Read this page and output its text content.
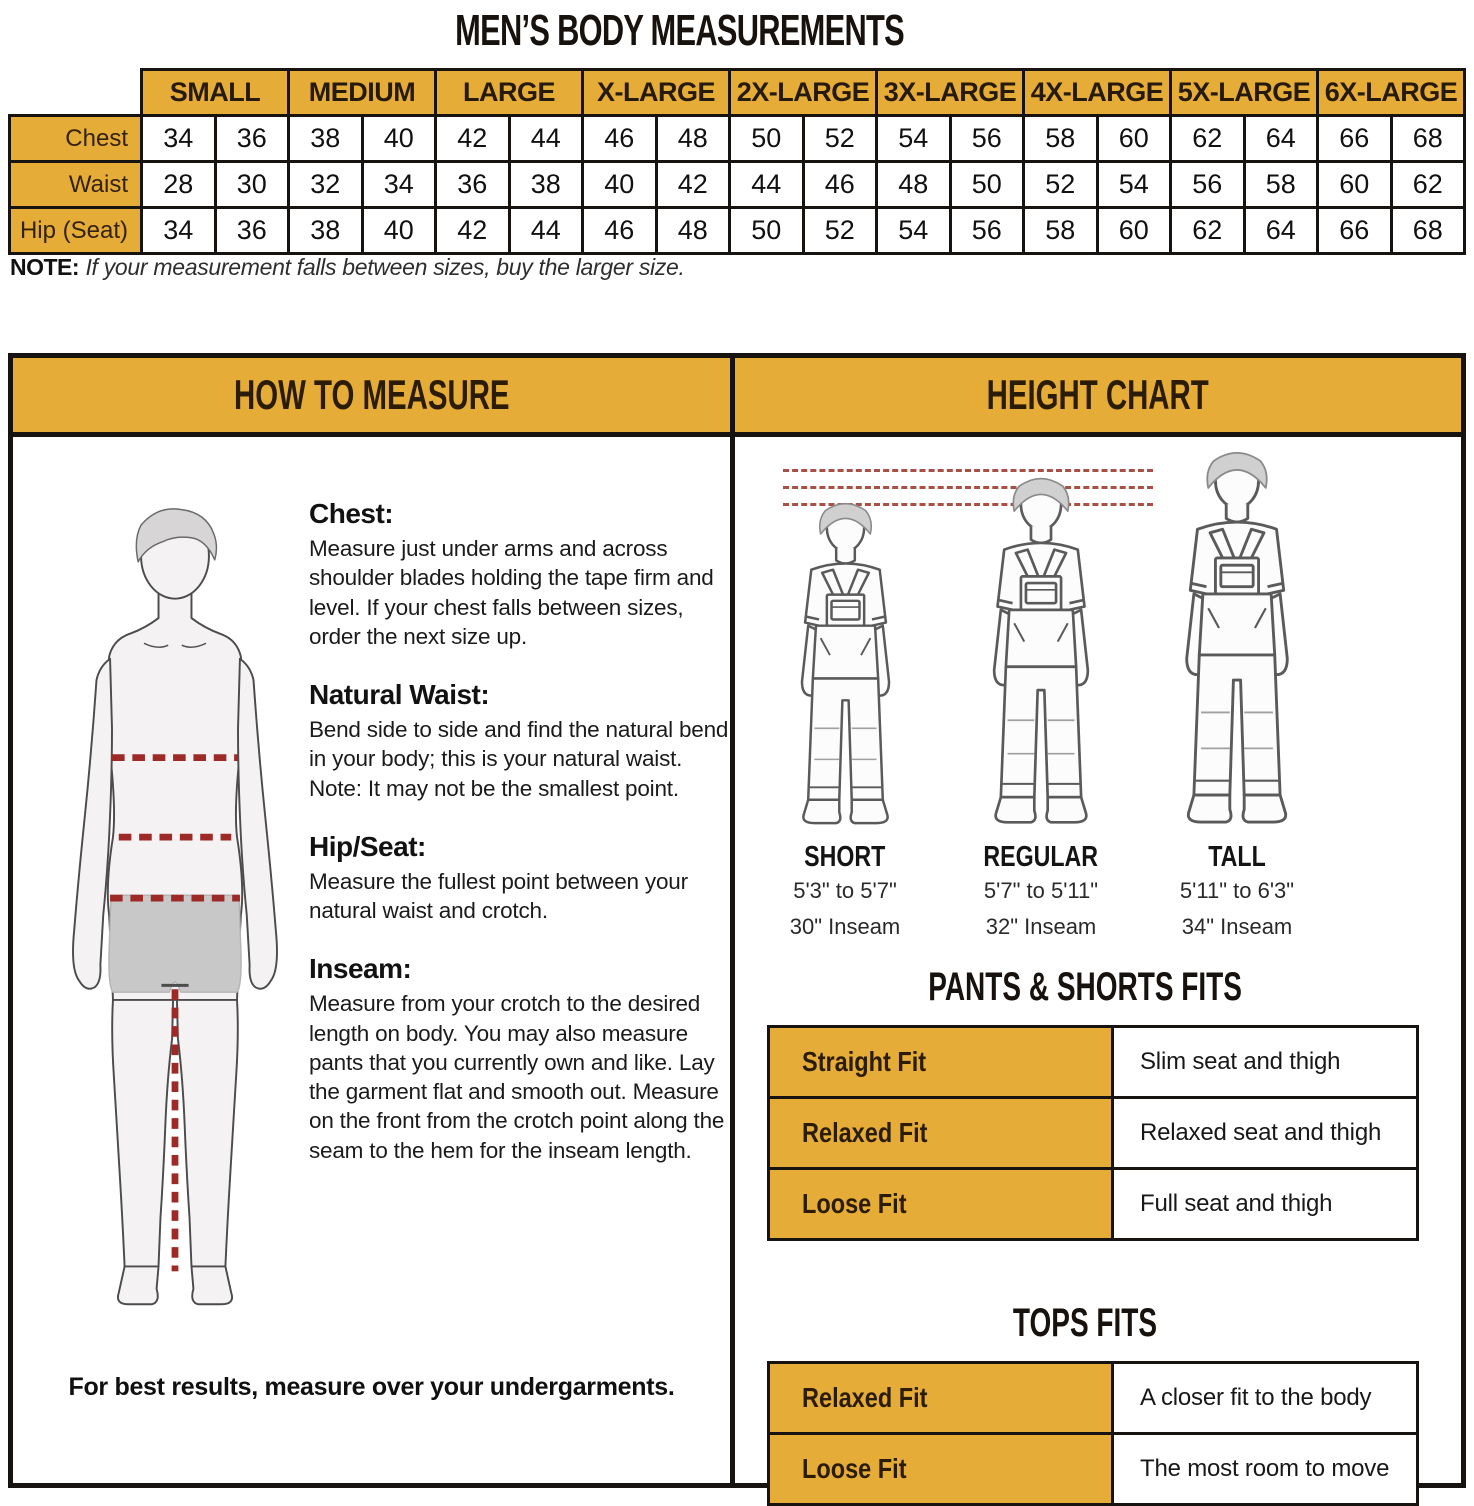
MEN’S BODY MEASUREMENTS
	SMALL		MEDIUM		LARGE		X-LARGE		2X-LARGE		3X-LARGE		4X-LARGE		5X-LARGE		6X-LARGE	
Chest	34	36	38	40	42	44	46	48	50	52	54	56	58	60	62	64	66	68
Waist	28	30	32	34	36	38	40	42	44	46	48	50	52	54	56	58	60	62
Hip (Seat)	34	36	38	40	42	44	46	48	50	52	54	56	58	60	62	64	66	68
NOTE: If your measurement falls between sizes, buy the larger size.
HOW TO MEASURE
Chest:

Measure just under arms and across shoulder blades holding the tape firm and level. If your chest falls between sizes, order the next size up.

Natural Waist:

Bend side to side and find the natural bend in your body; this is your natural waist. Note: It may not be the smallest point.

Hip/Seat:

Measure the fullest point between your natural waist and crotch.

Inseam:

Measure from your crotch to the desired length on body. You may also measure pants that you currently own and like. Lay the garment flat and smooth out. Measure on the front from the crotch point along the seam to the hem for the inseam length.

For best results, measure over your undergarments.
HEIGHT CHART
SHORT
5'3" to 5'7"
30" Inseam
REGULAR
5'7" to 5'11"
32" Inseam
TALL
5'11" to 6'3"
34" Inseam
PANTS & SHORTS FITS
Straight Fit	Slim seat and thigh
Relaxed Fit	Relaxed seat and thigh
Loose Fit	Full seat and thigh
TOPS FITS
Relaxed Fit	A closer fit to the body
Loose Fit	The most room to move
